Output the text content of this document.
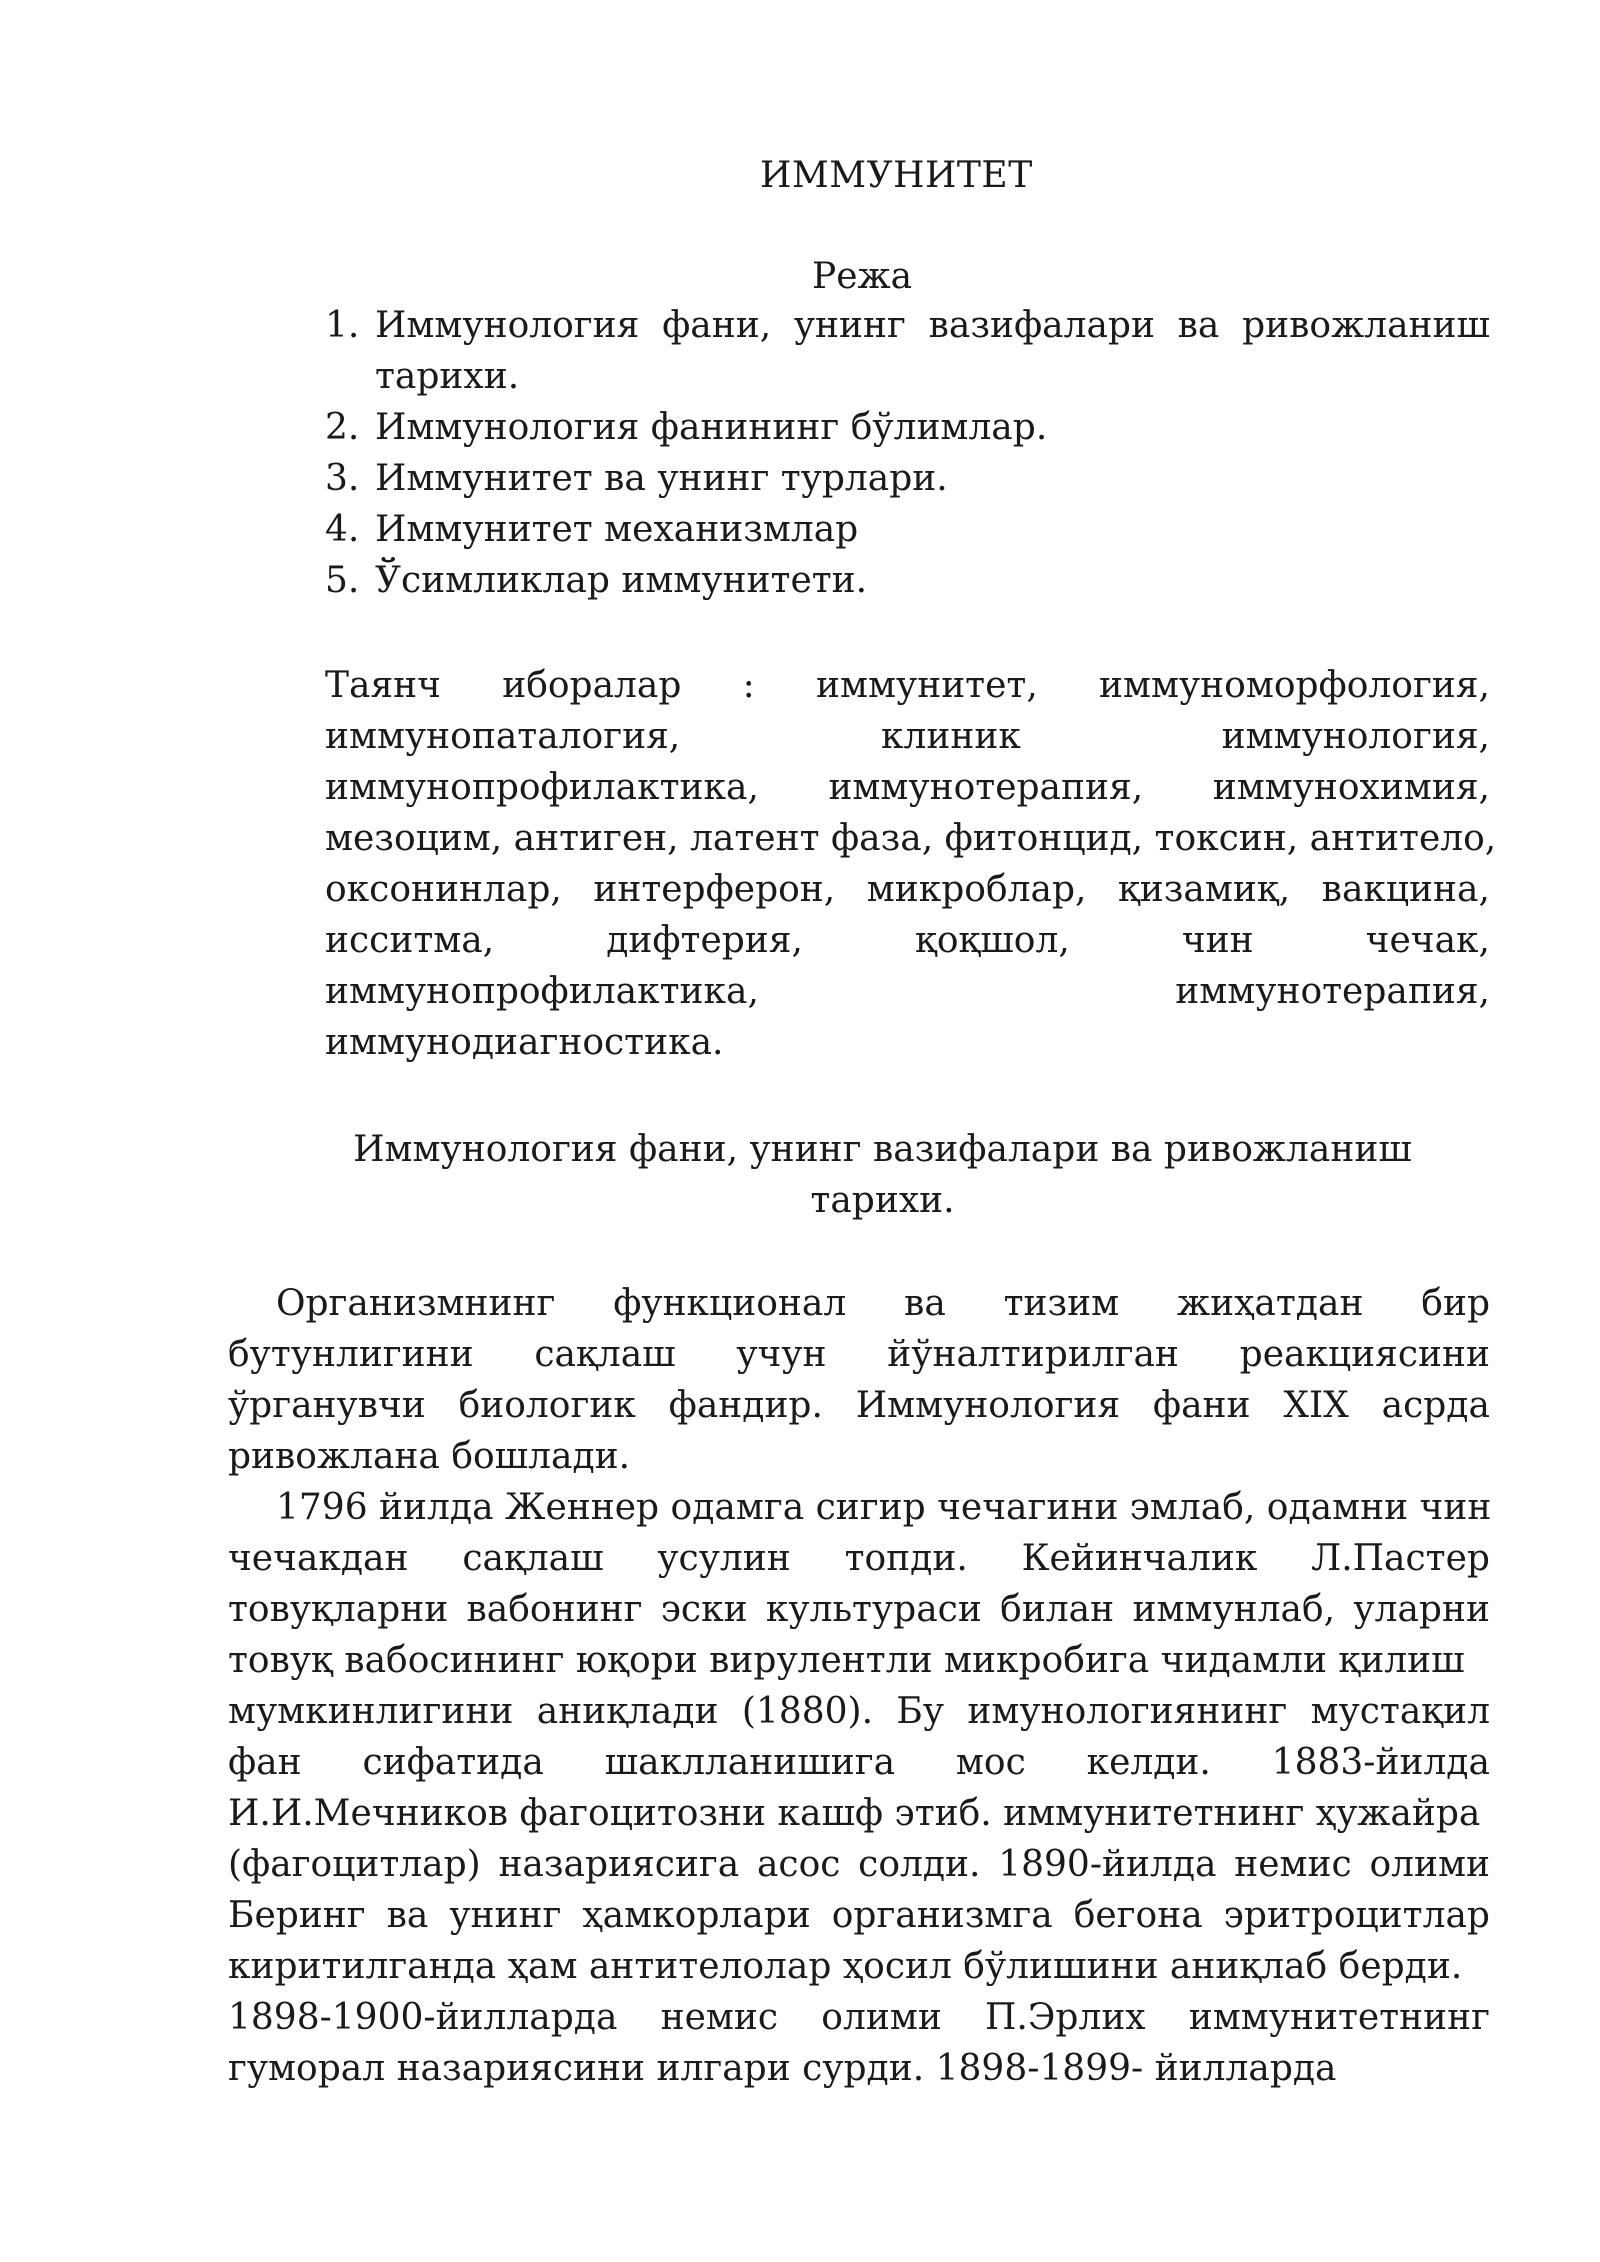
ИММУНИТЕТ
Режа
1. Иммунология фани, унинг вазифалари ва ривожланиш тарихи.
2. Иммунология фанининг бўлимлар.
3. Иммунитет ва унинг турлари.
4. Иммунитет механизмлар
5. Ўсимликлар иммунитети.
Таянч иборалар : иммунитет, иммуноморфология,
иммунопаталогия,	клиник	иммунология,
иммунопрофилактика, иммунотерапия, иммунохимия,
мезоцим, антиген, латент фаза, фитонцид, токсин, антитело,
оксонинлар, интерферон, микроблар, қизамиқ, вакцина,
исситма,	дифтерия,	қоқшол,	чин	чечак,
иммунопрофилактика,	иммунотерапия,
иммунодиагностика.
Иммунология фани, унинг вазифалари ва ривожланиш
тарихи.
Организмнинг функционал ва тизим жиҳатдан бир
бутунлигини сақлаш учун йўналтирилган реакциясини
ўрганувчи биологик фандир. Иммунология фани XIX асрда
ривожлана бошлади.
1796 йилда Женнер одамга сигир чечагини эмлаб, одамни чин
чечакдан сақлаш усулин топди. Кейинчалик Л.Пастер
товуқларни вабонинг эски культураси билан иммунлаб, уларни
товуқ вабосининг юқори вирулентли микробига чидамли қилиш
мумкинлигини аниқлади (1880). Бу имунологиянинг мустақил
фан сифатида шаклланишига мос келди. 1883-йилда
И.И.Мечников фагоцитозни кашф этиб. иммунитетнинг ҳужайра
(фагоцитлар) назариясига асос солди. 1890-йилда немис олими
Беринг ва унинг ҳамкорлари организмга бегона эритроцитлар
киритилганда ҳам антителолар ҳосил бўлишини аниқлаб берди.
1898-1900-йилларда немис олими П.Эрлих иммунитетнинг
гуморал
назариясини
илгари
сурди.
1898-1899-
йилларда
